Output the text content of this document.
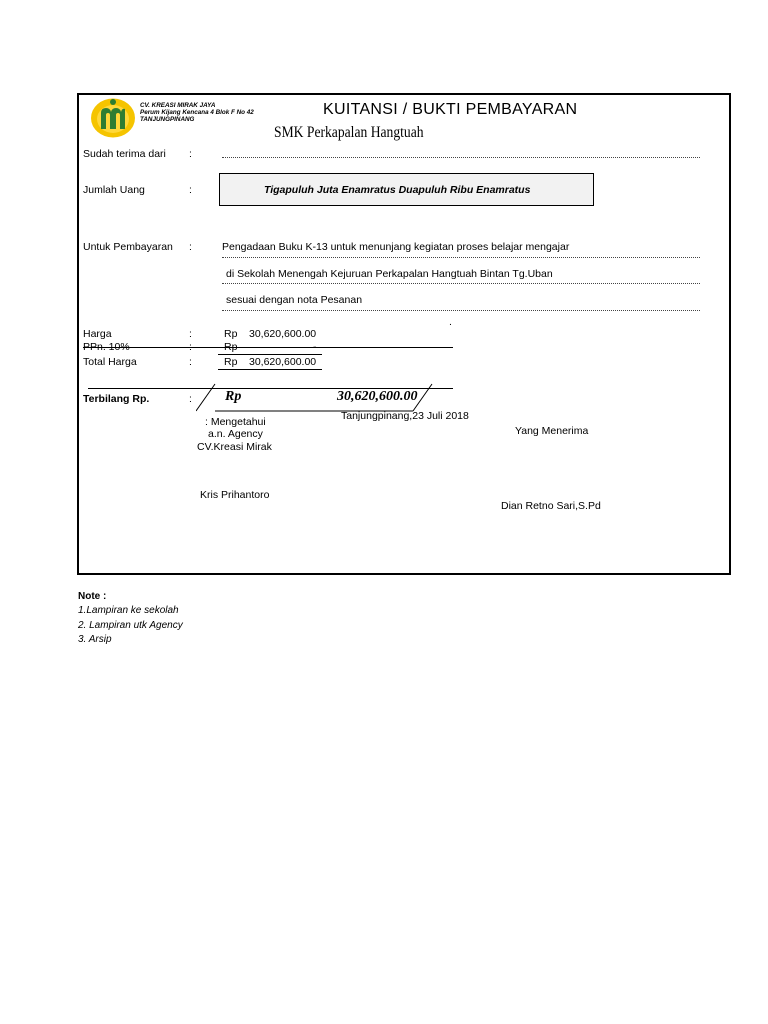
CV. KREASI MIRAK JAYA
Perum Kijang Kencana 4 Blok F No 42
TANJUNGPINANG
KUITANSI / BUKTI PEMBAYARAN
SMK Perkapalan Hangtuah
Sudah terima dari :
Jumlah Uang	:	Tigapuluh Juta Enamratus Duapuluh Ribu Enamratus
Untuk Pembayaran :	Pengadaan Buku K-13 untuk menunjang kegiatan proses belajar mengajar
di Sekolah Menengah Kejuruan Perkapalan Hangtuah Bintan Tg.Uban
sesuai dengan nota Pesanan
.
Harga	:	Rp 30,620,600.00
PPn. 10%	:	Rp	-
Total Harga	:	Rp 30,620,600.00
Terbilang Rp.	: Rp	30,620,600.00
Tanjungpinang,23 Juli 2018
: Mengetahui
a.n. Agency
CV.Kreasi Mirak
Yang Menerima
Kris Prihantoro
Dian Retno Sari,S.Pd
Note :
1.Lampiran ke sekolah
2. Lampiran utk Agency
3. Arsip
